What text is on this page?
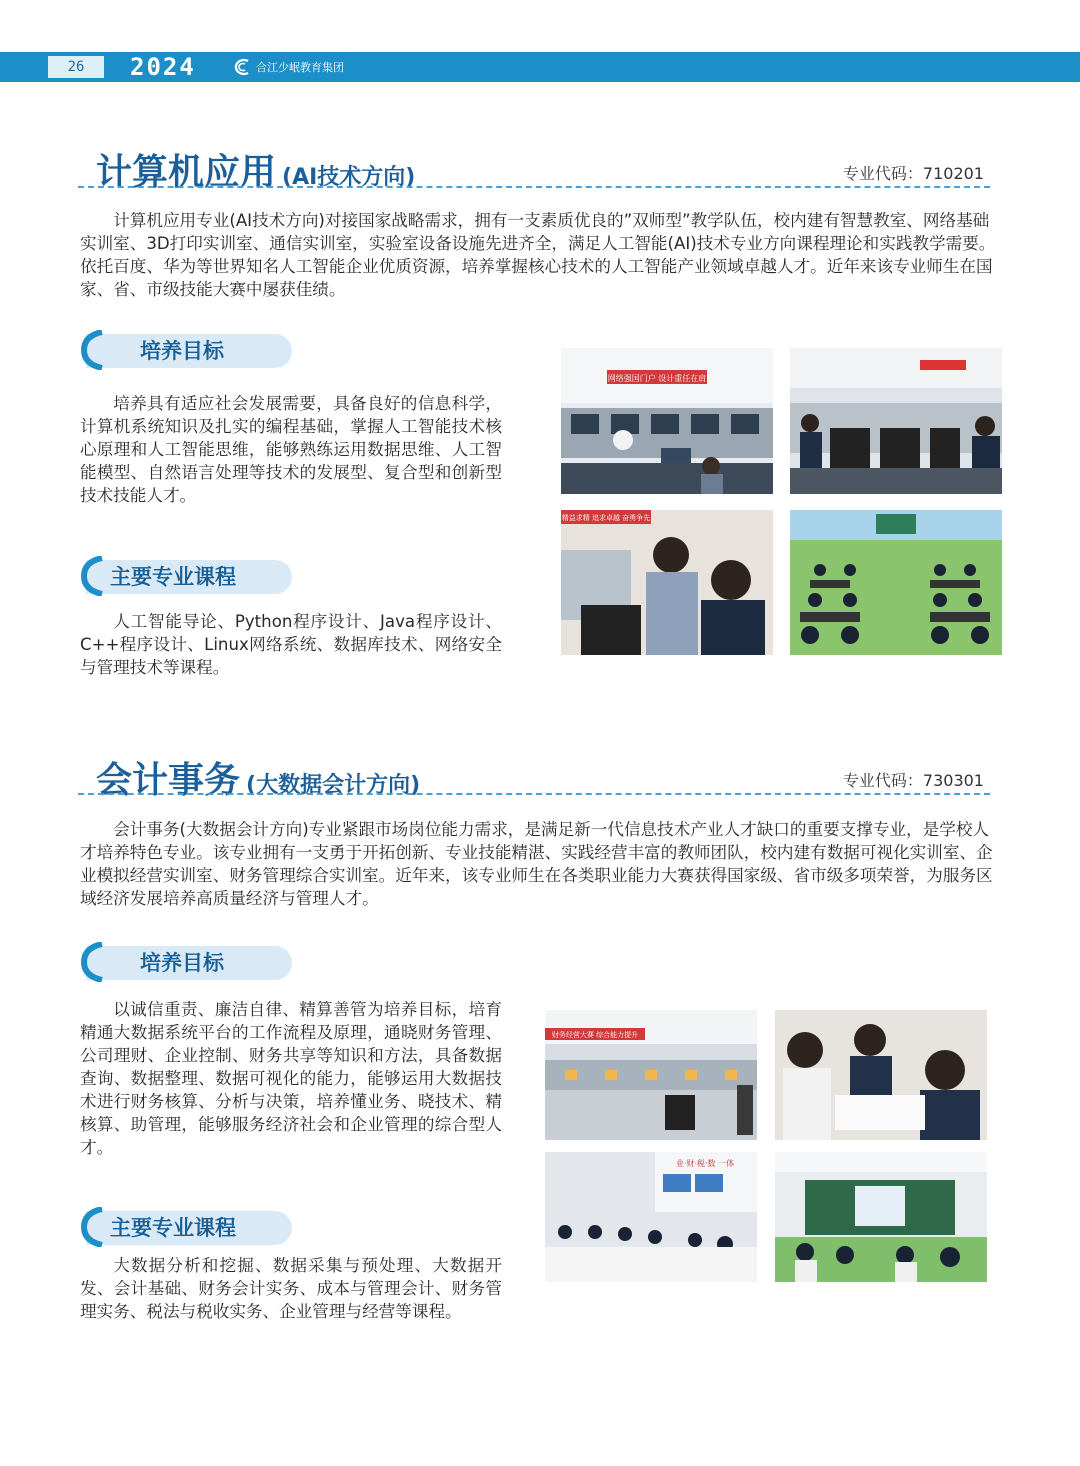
26	2024	合江少岷教育集团
计算机应用 (AI技术方向)	专业代码：710201

计算机应用专业(AI技术方向)对接国家战略需求，拥有一支素质优良的”双师型”教学队伍，校内建有智慧教室、网络基础实训室、3D打印实训室、通信实训室，实验室设备设施先进齐全，满足人工智能(AI)技术专业方向课程理论和实践教学需要。依托百度、华为等世界知名人工智能企业优质资源，培养掌握核心技术的人工智能产业领域卓越人才。近年来该专业师生在国家、省、市级技能大赛中屡获佳绩。

培养目标

培养具有适应社会发展需要，具备良好的信息科学，计算机系统知识及扎实的编程基础，掌握人工智能技术核心原理和人工智能思维，能够熟练运用数据思维、人工智能模型、自然语言处理等技术的发展型、复合型和创新型技术技能人才。

主要专业课程

人工智能导论、Python程序设计、Java程序设计、C++程序设计、Linux网络系统、数据库技术、网络安全与管理技术等课程。

网络强国门户 设计重任在肩
精益求精 追求卓越 奋勇争先
会计事务 (大数据会计方向)	专业代码：730301

会计事务(大数据会计方向)专业紧跟市场岗位能力需求，是满足新一代信息技术产业人才缺口的重要支撑专业，是学校人才培养特色专业。该专业拥有一支勇于开拓创新、专业技能精湛、实践经营丰富的教师团队，校内建有数据可视化实训室、企业模拟经营实训室、财务管理综合实训室。近年来，该专业师生在各类职业能力大赛获得国家级、省市级多项荣誉，为服务区域经济发展培养高质量经济与管理人才。

培养目标

以诚信重责、廉洁自律、精算善管为培养目标，培育精通大数据系统平台的工作流程及原理，通晓财务管理、公司理财、企业控制、财务共享等知识和方法，具备数据查询、数据整理、数据可视化的能力，能够运用大数据技术进行财务核算、分析与决策，培养懂业务、晓技术、精核算、助管理，能够服务经济社会和企业管理的综合型人才。

主要专业课程

大数据分析和挖掘、数据采集与预处理、大数据开发、会计基础、财务会计实务、成本与管理会计、财务管理实务、税法与税收实务、企业管理与经营等课程。

财务经营大赛 综合能力提升
业·财·税·数 一体
